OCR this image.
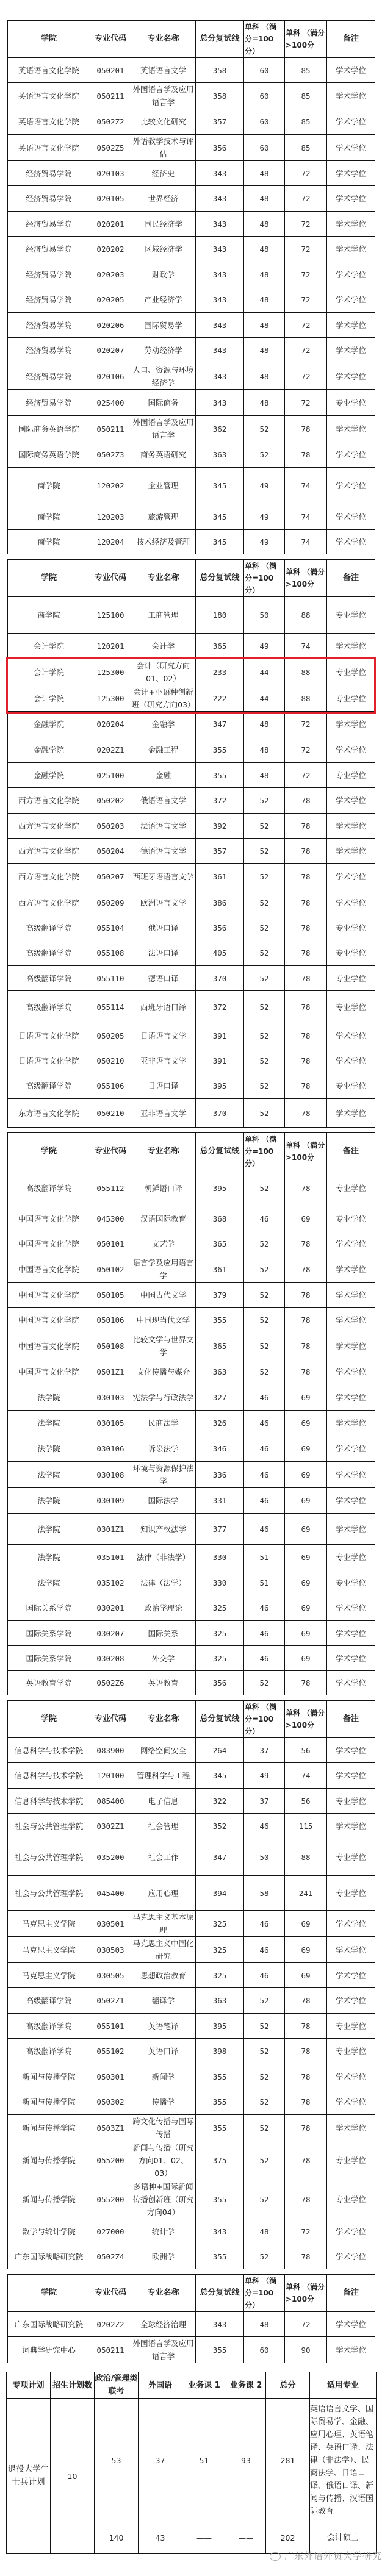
学院	专业代码	专业名称	总分复试线	单科 （满分=100分）	单科 （满分>100分	备注
英语语言文化学院	050201	英语语言文学	358	60	85	学术学位
英语语言文化学院	050211	外国语言学及应用语言学	358	60	85	学术学位
英语语言文化学院	0502Z2	比较文化研究	357	60	85	学术学位
英语语言文化学院	0502Z5	外语教学技术与评估	356	60	85	学术学位
经济贸易学院	020103	经济史	343	48	72	学术学位
经济贸易学院	020105	世界经济	343	48	72	学术学位
经济贸易学院	020201	国民经济学	343	48	72	学术学位
经济贸易学院	020202	区域经济学	343	48	72	学术学位
经济贸易学院	020203	财政学	343	48	72	学术学位
经济贸易学院	020205	产业经济学	343	48	72	学术学位
经济贸易学院	020206	国际贸易学	343	48	72	学术学位
经济贸易学院	020207	劳动经济学	343	48	72	学术学位
经济贸易学院	020106	人口、资源与环境经济学	343	48	72	学术学位
经济贸易学院	025400	国际商务	343	48	72	专业学位
国际商务英语学院	050211	外国语言学及应用语言学	362	52	78	学术学位
国际商务英语学院	0502Z3	商务英语研究	363	52	78	学术学位
商学院	120202	企业管理	345	49	74	学术学位
商学院	120203	旅游管理	345	49	74	学术学位
商学院	120204	技术经济及管理	345	49	74	学术学位
学院	专业代码	专业名称	总分复试线	单科 （满分=100分）	单科 （满分>100分	备注
商学院	125100	工商管理	180	50	88	专业学位
会计学院	120201	会计学	365	49	74	学术学位
会计学院	125300	会计（研究方向01、02）	233	44	88	专业学位
会计学院	125300	会计+小语种创新班（研究方向03）	222	44	88	专业学位
金融学院	020204	金融学	347	48	72	学术学位
金融学院	0202Z1	金融工程	355	48	72	学术学位
金融学院	025100	金融	355	48	72	专业学位
西方语言文化学院	050202	俄语语言文学	372	52	78	学术学位
西方语言文化学院	050203	法语语言文学	392	52	78	学术学位
西方语言文化学院	050204	德语语言文学	357	52	78	学术学位
西方语言文化学院	050207	西班牙语语言文学	361	52	78	学术学位
西方语言文化学院	050209	欧洲语言文学	386	52	78	学术学位
高级翻译学院	055104	俄语口译	356	52	78	专业学位
高级翻译学院	055108	法语口译	405	52	78	专业学位
高级翻译学院	055110	德语口译	370	52	78	专业学位
高级翻译学院	055114	西班牙语口译	372	52	78	专业学位
日语语言文化学院	050205	日语语言文学	391	52	78	学术学位
日语语言文化学院	050210	亚非语言文学	391	52	78	学术学位
高级翻译学院	055106	日语口译	395	52	78	专业学位
东方语言文化学院	050210	亚非语言文学	370	52	78	学术学位
学院	专业代码	专业名称	总分复试线	单科 （满分=100分）	单科 （满分>100分	备注
高级翻译学院	055112	朝鲜语口译	395	52	78	专业学位
中国语言文化学院	045300	汉语国际教育	368	46	69	专业学位
中国语言文化学院	050101	文艺学	365	52	78	学术学位
中国语言文化学院	050102	语言学及应用语言学	361	52	78	学术学位
中国语言文化学院	050105	中国古代文学	379	52	78	学术学位
中国语言文化学院	050106	中国现当代文学	355	52	78	学术学位
中国语言文化学院	050108	比较文学与世界文学	365	52	78	学术学位
中国语言文化学院	0501Z1	文化传播与媒介	363	52	78	学术学位
法学院	030103	宪法学与行政法学	327	46	69	学术学位
法学院	030105	民商法学	326	46	69	学术学位
法学院	030106	诉讼法学	346	46	69	学术学位
法学院	030108	环境与资源保护法学	336	46	69	学术学位
法学院	030109	国际法学	331	46	69	学术学位
法学院	0301Z1	知识产权法学	377	46	69	学术学位
法学院	035101	法律（非法学）	330	51	69	专业学位
法学院	035102	法律（法学）	330	51	69	专业学位
国际关系学院	030201	政治学理论	325	46	69	学术学位
国际关系学院	030207	国际关系	325	46	69	学术学位
国际关系学院	030208	外交学	325	46	69	学术学位
英语教育学院	0502Z6	英语教育	356	52	78	学术学位
学院	专业代码	专业名称	总分复试线	单科 （满分=100分）	单科 （满分>100分	备注
信息科学与技术学院	083900	网络空间安全	264	37	56	学术学位
信息科学与技术学院	120100	管理科学与工程	345	49	74	学术学位
信息科学与技术学院	085400	电子信息	322	37	56	专业学位
社会与公共管理学院	0302Z1	社会管理	352	46	115	学术学位
社会与公共管理学院	035200	社会工作	347	50	88	专业学位
社会与公共管理学院	045400	应用心理	394	58	241	专业学位
马克思主义学院	030501	马克思主义基本原理	325	46	69	学术学位
马克思主义学院	030503	马克思主义中国化研究	325	46	69	学术学位
马克思主义学院	030505	思想政治教育	325	46	69	学术学位
高级翻译学院	0502Z1	翻译学	363	52	78	学术学位
高级翻译学院	055101	英语笔译	395	52	78	专业学位
高级翻译学院	055102	英语口译	398	52	78	专业学位
新闻与传播学院	050301	新闻学	355	52	78	学术学位
新闻与传播学院	050302	传播学	355	52	78	学术学位
新闻与传播学院	0503Z1	跨文化传播与国际传播	355	52	78	学术学位
新闻与传播学院	055200	新闻与传播（研究方向01、02、03）	375	52	78	专业学位
新闻与传播学院	055200	多语种+国际新闻传播创新班（研究方向04）	355	52	78	专业学位
数学与统计学院	027000	统计学	343	48	72	学术学位
广东国际战略研究院	0502Z4	欧洲学	355	52	78	学术学位
学院	专业代码	专业名称	总分复试线	单科 （满分=100分）	单科 （满分>100分	备注
广东国际战略研究院	0202Z2	全球经济治理	343	48	72	学术学位
词典学研究中心	050211	外国语言学及应用语言学	355	60	90	学术学位
专项计划	招生计划数	政治/管理类联考	外国语	业务课 1	业务课 2	总分	适用专业
退役大学生士兵计划	10	53	37	51	93	281	英语语言文学、国际贸易学、金融、应用心理、英语笔译、英语口译、法律（非法学）、民商法学、日语口译、俄语口译、新闻与传播、汉语国际教育
		140	43	——	——	202	会计硕士
广东外语外贸大学研究
